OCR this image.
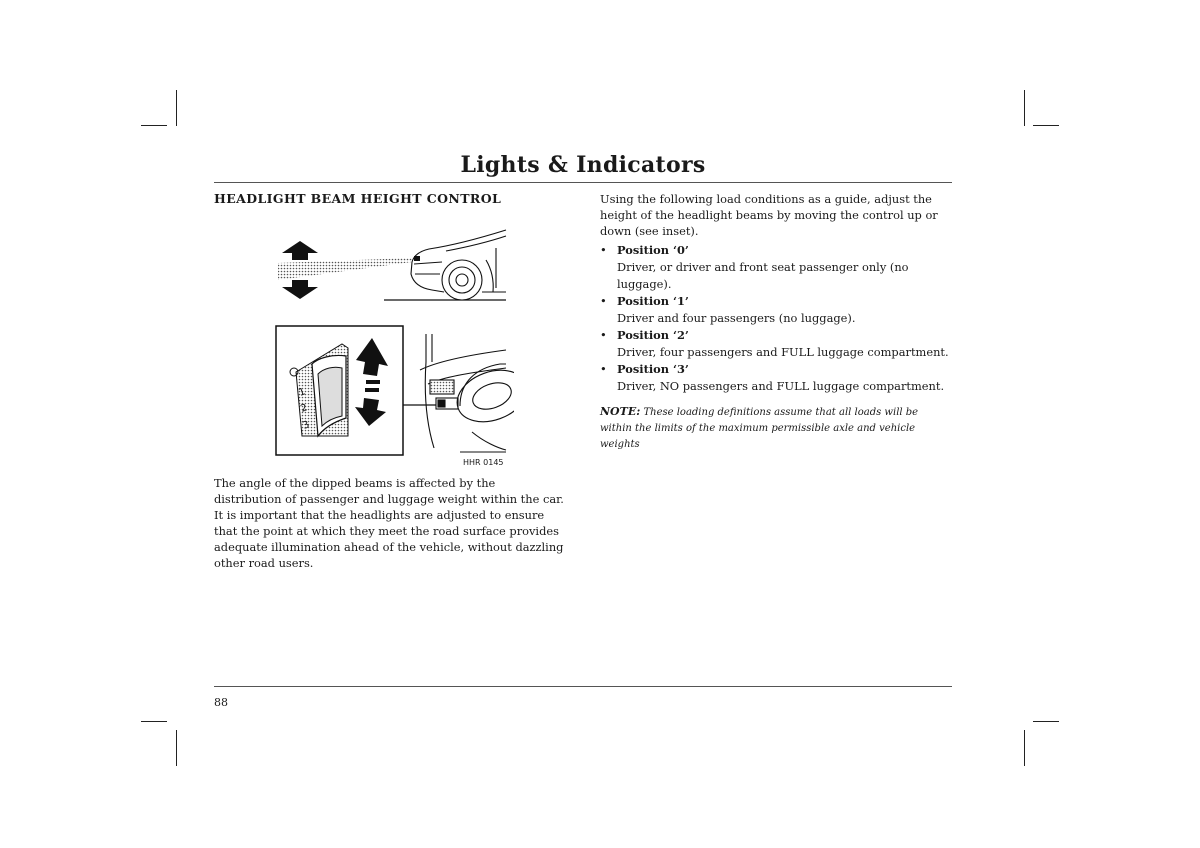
Lights & Indicators
HEADLIGHT BEAM HEIGHT CONTROL
1
2
3
HHR 0145

The angle of the dipped beams is affected by the distribution of passenger and luggage weight within the car. It is important that the headlights are adjusted to ensure that the point at which they meet the road surface provides adequate illumination ahead of the vehicle, without dazzling other road users.

Using the following load conditions as a guide, adjust the height of the headlight beams by moving the control up or down (see inset).

• Position ‘0’
Driver, or driver and front seat passenger only (no luggage).
• Position ‘1’
Driver and four passengers (no luggage).
• Position ‘2’
Driver, four passengers and FULL luggage compartment.
• Position ‘3’
Driver, NO passengers and FULL luggage compartment.

NOTE: These loading definitions assume that all loads will be within the limits of the maximum permissible axle and vehicle weights

88
